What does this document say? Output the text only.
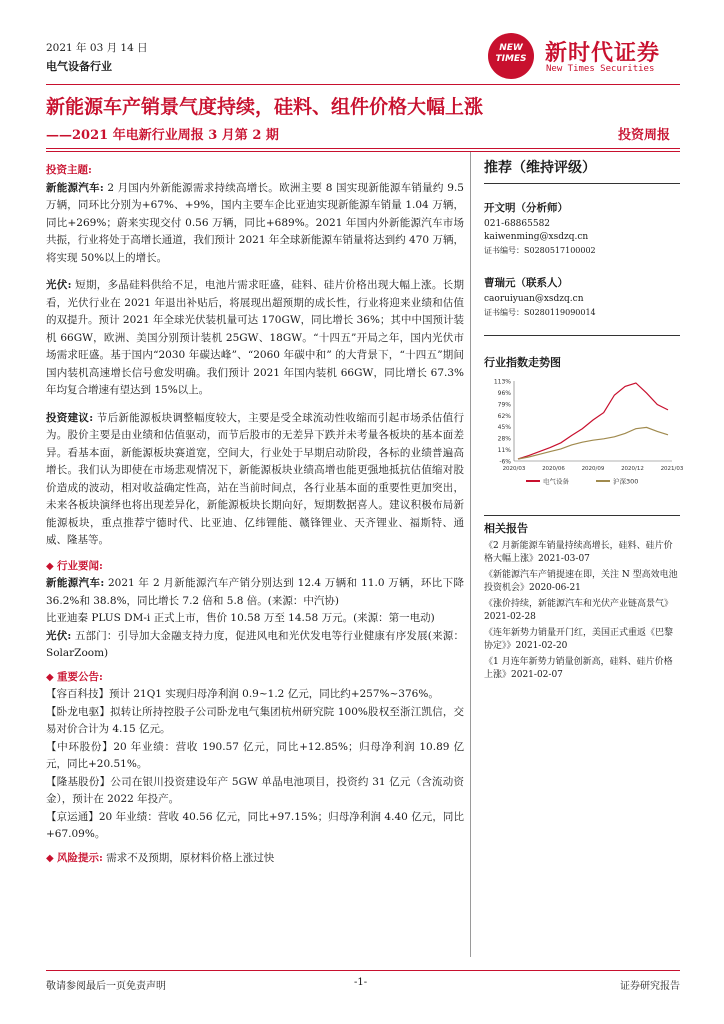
2021 年 03 月 14 日
电气设备行业
NEW TIMES 新时代证券
New Times Securities
新能源车产销景气度持续，硅料、组件价格大幅上涨
——2021 年电新行业周报 3 月第 2 期	投资周报

投资主题:

新能源汽车: 2 月国内外新能源需求持续高增长。欧洲主要 8 国实现新能源车销量约 9.5 万辆，同环比分别为+67%、+9%，国内主要车企比亚迪实现新能源车销量 1.04 万辆，同比+269%；蔚来实现交付 0.56 万辆，同比+689%。2021 年国内外新能源汽车市场共振，行业将处于高增长通道，我们预计 2021 年全球新能源车销量将达到约 470 万辆，将实现 50%以上的增长。

光伏: 短期，多晶硅料供给不足，电池片需求旺盛，硅料、硅片价格出现大幅上涨。长期看，光伏行业在 2021 年退出补贴后，将展现出超预期的成长性，行业将迎来业绩和估值的双提升。预计 2021 年全球光伏装机量可达 170GW，同比增长 36%；其中中国预计装机 66GW，欧洲、美国分别预计装机 25GW、18GW。“十四五”开局之年，国内光伏市场需求旺盛。基于国内“2030 年碳达峰”、“2060 年碳中和” 的大背景下，“十四五”期间国内装机高速增长信号愈发明确。我们预计 2021 年国内装机 66GW，同比增长 67.3%年均复合增速有望达到 15%以上。

投资建议: 节后新能源板块调整幅度较大，主要是受全球流动性收缩而引起市场杀估值行为。股价主要是由业绩和估值驱动，而节后股市的无差异下跌并未考量各板块的基本面差异。看基本面，新能源板块赛道宽，空间大，行业处于早期启动阶段，各标的业绩普遍高增长。我们认为即使在市场悲观情况下，新能源板块业绩高增也能更强地抵抗估值缩对股价造成的波动，相对收益确定性高，站在当前时间点，各行业基本面的重要性更加突出，未来各板块演绎也将出现差异化，新能源板块长期向好，短期数据喜人。建议积极布局新能源板块，重点推荐宁德时代、比亚迪、亿纬锂能、赣锋锂业、天齐锂业、福斯特、通威、隆基等。

◆ 行业要闻:

新能源汽车: 2021 年 2 月新能源汽车产销分别达到 12.4 万辆和 11.0 万辆，环比下降 36.2%和 38.8%，同比增长 7.2 倍和 5.8 倍。(来源：中汽协)

比亚迪秦 PLUS DM-i 正式上市，售价 10.58 万至 14.58 万元。(来源：第一电动)

光伏: 五部门：引导加大金融支持力度，促进风电和光伏发电等行业健康有序发展(来源：SolarZoom)

◆ 重要公告:

【容百科技】预计 21Q1 实现归母净利润 0.9~1.2 亿元，同比约+257%~376%。

【卧龙电驱】拟转让所持控股子公司卧龙电气集团杭州研究院 100%股权至浙江凯信，交易对价合计为 4.15 亿元。

【中环股份】20 年业绩：营收 190.57 亿元，同比+12.85%；归母净利润 10.89 亿元，同比+20.51%。

【隆基股份】公司在银川投资建设年产 5GW 单晶电池项目，投资约 31 亿元（含流动资金），预计在 2022 年投产。

【京运通】20 年业绩：营收 40.56 亿元，同比+97.15%；归母净利润 4.40 亿元，同比+67.09%。

◆ 风险提示: 需求不及预期，原材料价格上涨过快

推荐（维持评级）
开文明（分析师）
021-68865582
kaiwenming@xsdzq.cn
证书编号：S0280517100002
曹瑞元（联系人）
caoruiyuan@xsdzq.cn
证书编号：S0280119090014
行业指数走势图
113%
96%
79%
62%
45%
28%
11%
-6%
2020/03	2020/06	2020/09	2020/12	2021/03
电气设备	沪深300
相关报告

《2 月新能源车销量持续高增长，硅料、硅片价格大幅上涨》2021-03-07

《新能源汽车产销提速在即，关注 N 型高效电池投资机会》2020-06-21

《涨价持续，新能源汽车和光伏产业链高景气》2021-02-28

《连年新势力销量开门红，美国正式重返《巴黎协定》》2021-02-20

《1 月连年新势力销量创新高，硅料、硅片价格上涨》2021-02-07

敬请参阅最后一页免责声明	-1-	证券研究报告
